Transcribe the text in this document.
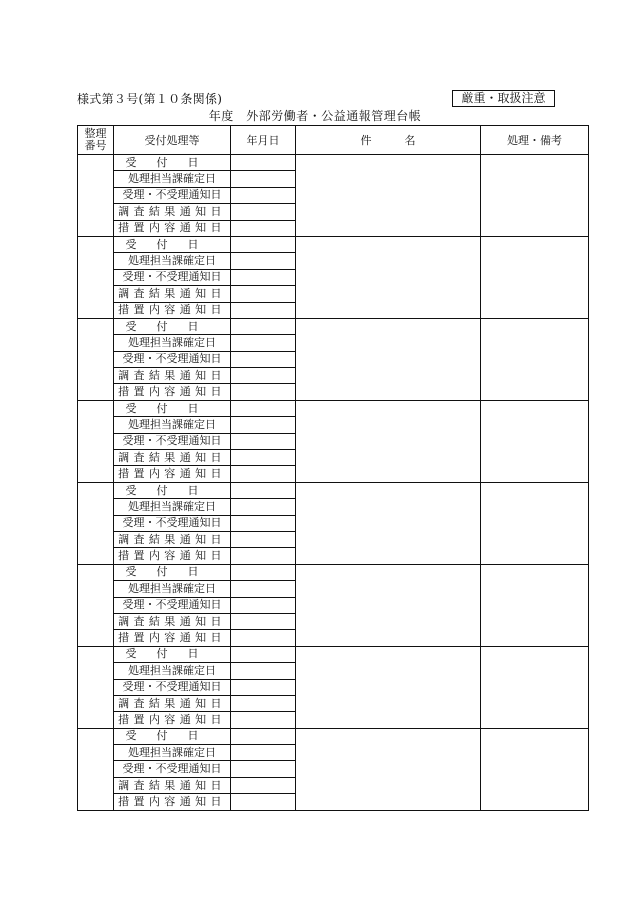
様式第３号(第１０条関係)	厳重・取扱注意
年度　外部労働者・公益通報管理台帳
整理
番号	受付処理等	年月日	件　　　名	処理・備考
	受付日			
	処理担当課確定日			
	受理・不受理通知日			
	調査結果通知日			
	措置内容通知日			
	受付日			
	処理担当課確定日			
	受理・不受理通知日			
	調査結果通知日			
	措置内容通知日			
	受付日			
	処理担当課確定日			
	受理・不受理通知日			
	調査結果通知日			
	措置内容通知日			
	受付日			
	処理担当課確定日			
	受理・不受理通知日			
	調査結果通知日			
	措置内容通知日			
	受付日			
	処理担当課確定日			
	受理・不受理通知日			
	調査結果通知日			
	措置内容通知日			
	受付日			
	処理担当課確定日			
	受理・不受理通知日			
	調査結果通知日			
	措置内容通知日			
	受付日			
	処理担当課確定日			
	受理・不受理通知日			
	調査結果通知日			
	措置内容通知日			
	受付日			
	処理担当課確定日			
	受理・不受理通知日			
	調査結果通知日			
	措置内容通知日			
